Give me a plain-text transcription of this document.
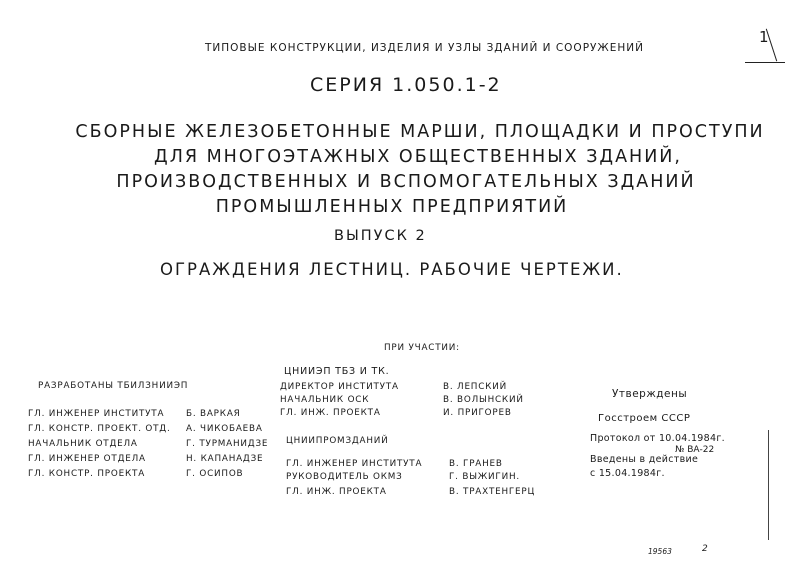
1
ТИПОВЫЕ КОНСТРУКЦИИ, ИЗДЕЛИЯ И УЗЛЫ ЗДАНИЙ И СООРУЖЕНИЙ
СЕРИЯ 1.050.1-2
СБОРНЫЕ ЖЕЛЕЗОБЕТОННЫЕ МАРШИ, ПЛОЩАДКИ И ПРОСТУПИ
ДЛЯ МНОГОЭТАЖНЫХ ОБЩЕСТВЕННЫХ ЗДАНИЙ,
ПРОИЗВОДСТВЕННЫХ И ВСПОМОГАТЕЛЬНЫХ ЗДАНИЙ
ПРОМЫШЛЕННЫХ ПРЕДПРИЯТИЙ
ВЫПУСК 2
ОГРАЖДЕНИЯ ЛЕСТНИЦ. РАБОЧИЕ ЧЕРТЕЖИ.
ПРИ УЧАСТИИ:
РАЗРАБОТАНЫ ТБИЛЗНИИЭП
ГЛ. ИНЖЕНЕР ИНСТИТУТА
ГЛ. КОНСТР. ПРОЕКТ. ОТД.
НАЧАЛЬНИК ОТДЕЛА
ГЛ. ИНЖЕНЕР ОТДЕЛА
ГЛ. КОНСТР. ПРОЕКТА
Б. ВАРКАЯ
А. ЧИКОБАЕВА
Г. ТУРМАНИДЗЕ
Н. КАПАНАДЗЕ
Г. ОСИПОВ
ЦНИИЭП ТБЗ И ТК.
ДИРЕКТОР ИНСТИТУТА
НАЧАЛЬНИК ОСК
ГЛ. ИНЖ. ПРОЕКТА
В. ЛЕПСКИЙ
В. ВОЛЫНСКИЙ
И. ПРИГОРЕВ
ЦНИИПРОМЗДАНИЙ
ГЛ. ИНЖЕНЕР ИНСТИТУТА
РУКОВОДИТЕЛЬ ОКМЗ
ГЛ. ИНЖ. ПРОЕКТА
В. ГРАНЕВ
Г. ВЫЖИГИН.
В. ТРАХТЕНГЕРЦ
Утверждены
Госстроем СССР
Протокол от 10.04.1984г.
№ ВА-22
Введены в действие
с 15.04.1984г.
19563	2
